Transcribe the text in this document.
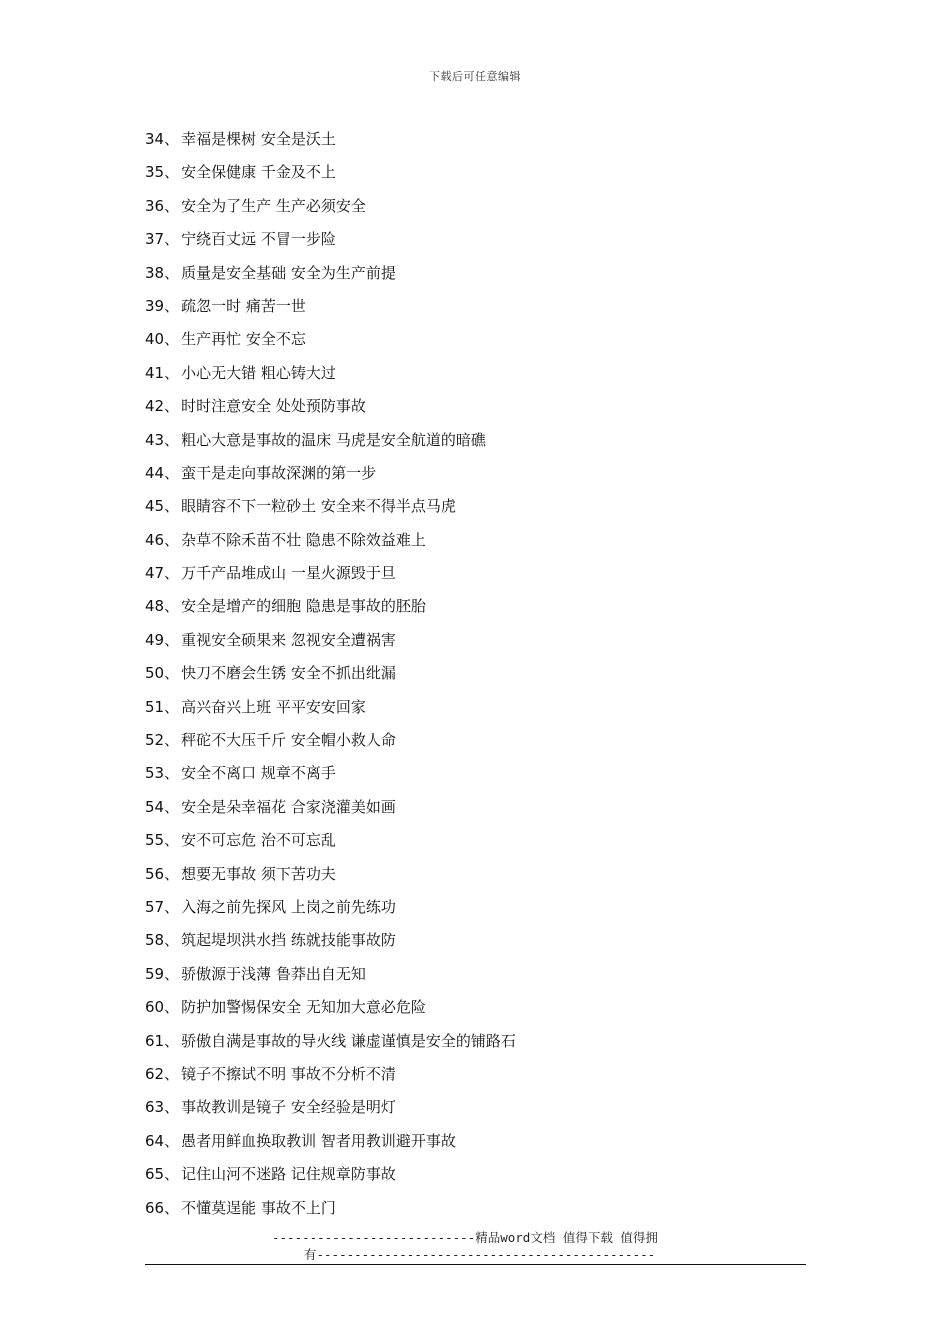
下载后可任意编辑
34、 幸福是棵树 安全是沃土
35、 安全保健康 千金及不上
36、 安全为了生产 生产必须安全
37、 宁绕百丈远 不冒一步险
38、 质量是安全基础 安全为生产前提
39、 疏忽一时 痛苦一世
40、 生产再忙 安全不忘
41、 小心无大错 粗心铸大过
42、 时时注意安全 处处预防事故
43、 粗心大意是事故的温床 马虎是安全航道的暗礁
44、 蛮干是走向事故深渊的第一步
45、 眼睛容不下一粒砂土 安全来不得半点马虎
46、 杂草不除禾苗不壮 隐患不除效益难上
47、 万千产品堆成山 一星火源毁于旦
48、 安全是增产的细胞 隐患是事故的胚胎
49、 重视安全硕果来 忽视安全遭祸害
50、 快刀不磨会生锈 安全不抓出纰漏
51、 高兴奋兴上班 平平安安回家
52、 秤砣不大压千斤 安全帽小救人命
53、 安全不离口 规章不离手
54、 安全是朵幸福花 合家浇灌美如画
55、 安不可忘危 治不可忘乱
56、 想要无事故 须下苦功夫
57、 入海之前先探风 上岗之前先练功
58、 筑起堤坝洪水挡 练就技能事故防
59、 骄傲源于浅薄 鲁莽出自无知
60、 防护加警惕保安全 无知加大意必危险
61、 骄傲自满是事故的导火线 谦虚谨慎是安全的铺路石
62、 镜子不擦试不明 事故不分析不清
63、 事故教训是镜子 安全经验是明灯
64、 愚者用鲜血换取教训 智者用教训避开事故
65、 记住山河不迷路 记住规章防事故
66、 不懂莫逞能 事故不上门
---------------------------精品word文档 值得下载 值得拥
有---------------------------------------------
